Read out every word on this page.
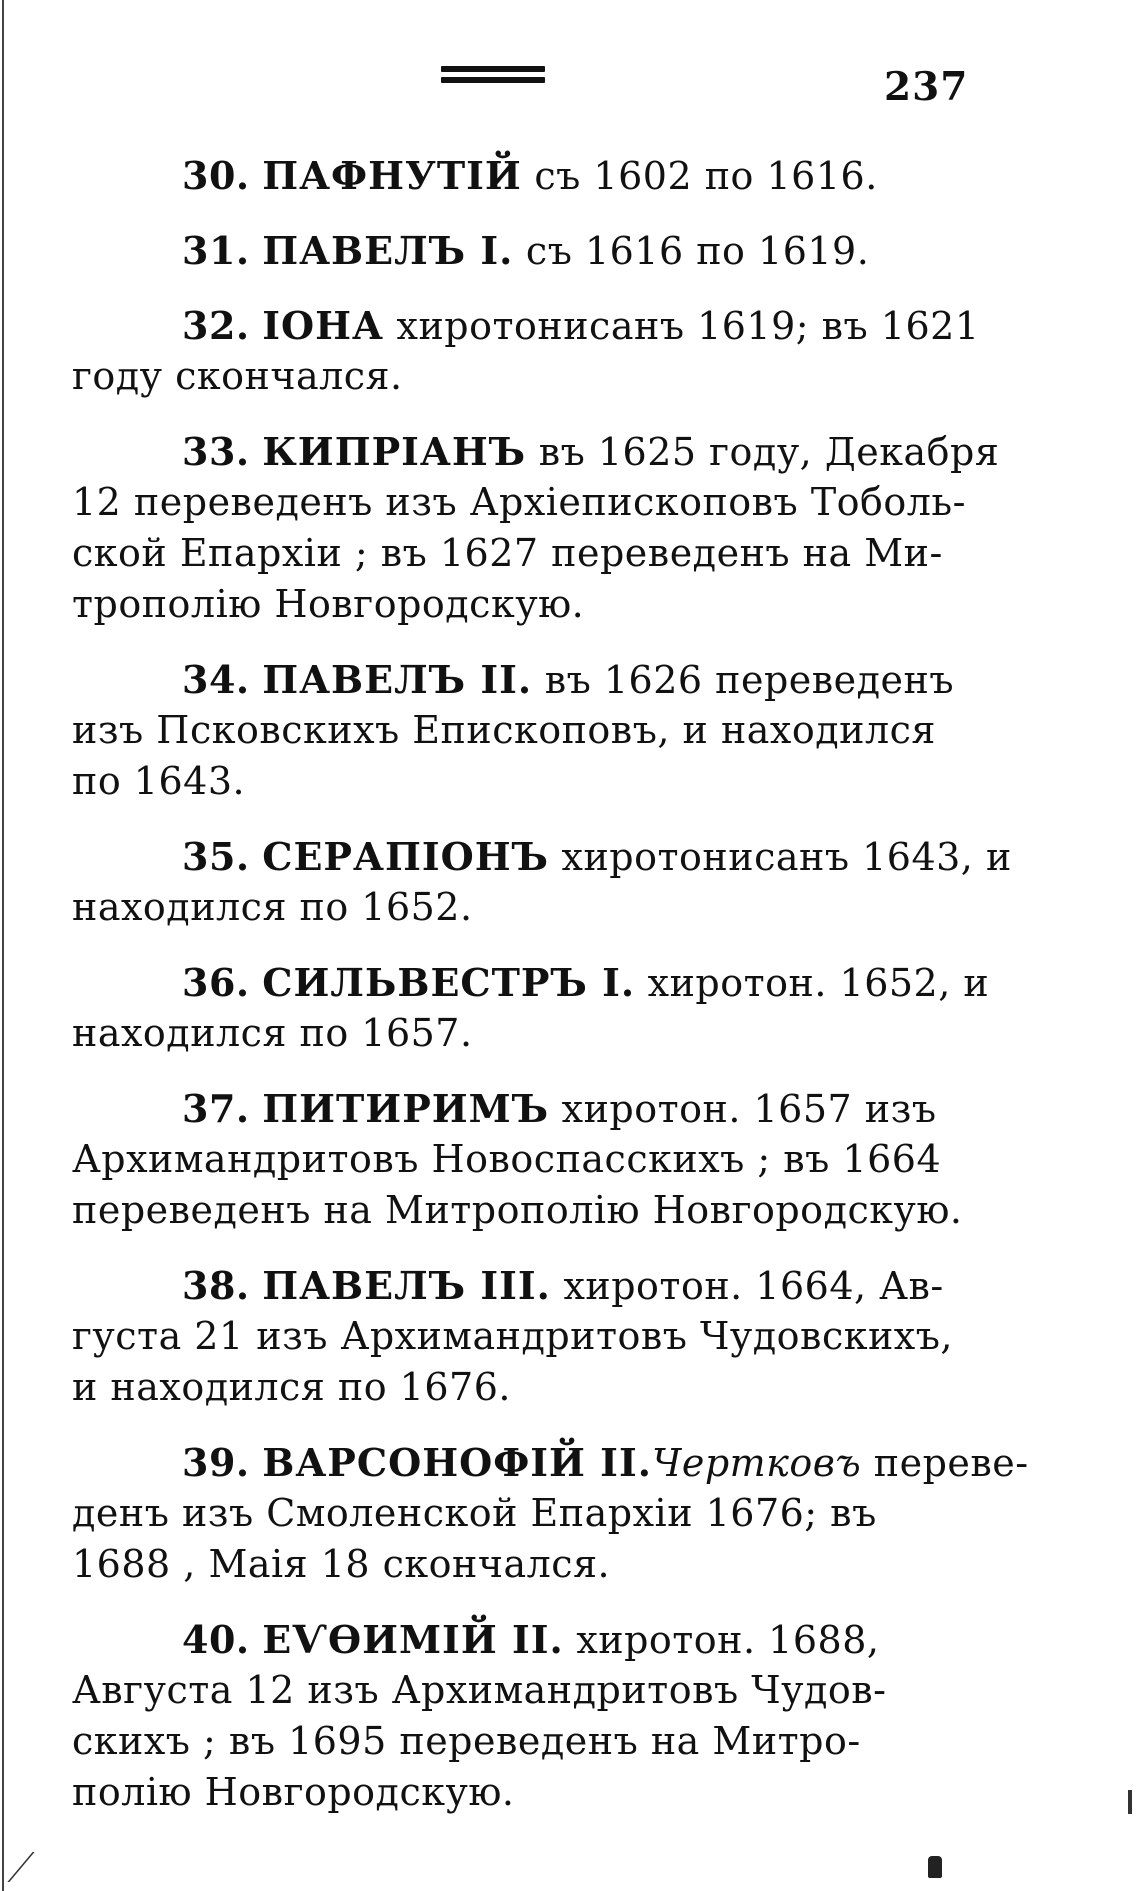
237
30. ПАФНУТІЙ съ 1602 по 1616.
31. ПАВЕЛЪ І. съ 1616 по 1619.
32. ІОНА хиротонисанъ 1619; въ 1621
году скончался.
33. КИПРІАНЪ въ 1625 году, Декабря
12 переведенъ изъ Архіепископовъ Тоболь-
ской Епархіи ; въ 1627 переведенъ на Ми-
трополію Новгородскую.
34. ПАВЕЛЪ ІІ. въ 1626 переведенъ
изъ Псковскихъ Епископовъ, и находился
по 1643.
35. СЕРАПІОНЪ хиротонисанъ 1643, и
находился по 1652.
36. СИЛЬВЕСТРЪ І. хиротон. 1652, и
находился по 1657.
37. ПИТИРИМЪ хиротон. 1657 изъ
Архимандритовъ Новоспасскихъ ; въ 1664
переведенъ на Митрополію Новгородскую.
38. ПАВЕЛЪ ІІІ. хиротон. 1664, Ав-
густа 21 изъ Архимандритовъ Чудовскихъ,
и находился по 1676.
39. ВАРСОНОФІЙ ІІ.Чертковъ переве-
денъ изъ Смоленской Епархіи 1676; въ
1688 , Маія 18 скончался.
40. ЕѴѲИМІЙ ІІ. хиротон. 1688,
Августа 12 изъ Архимандритовъ Чудов-
скихъ ; въ 1695 переведенъ на Митро-
полію Новгородскую.
